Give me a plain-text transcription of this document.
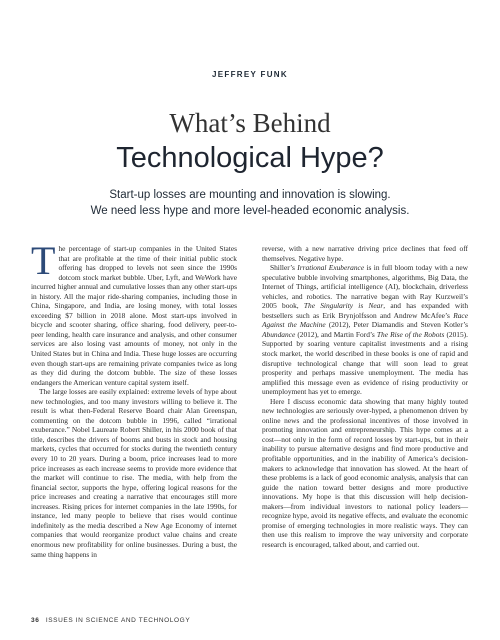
JEFFREY FUNK
What’s Behind
Technological Hype?
Start-up losses are mounting and innovation is slowing.
We need less hype and more level-headed economic analysis.

The percentage of start-up companies in the United States that are profitable at the time of their initial public stock offering has dropped to levels not seen since the 1990s dotcom stock market bubble. Uber, Lyft, and WeWork have incurred higher annual and cumulative losses than any other start-ups in history. All the major ride-sharing companies, including those in China, Singapore, and India, are losing money, with total losses exceeding $7 billion in 2018 alone. Most start-ups involved in bicycle and scooter sharing, office sharing, food delivery, peer-to-peer lending, health care insurance and analysis, and other consumer services are also losing vast amounts of money, not only in the United States but in China and India. These huge losses are occurring even though start-ups are remaining private companies twice as long as they did during the dotcom bubble. The size of these losses endangers the American venture capital system itself.

The large losses are easily explained: extreme levels of hype about new technologies, and too many investors willing to believe it. The result is what then-Federal Reserve Board chair Alan Greenspan, commenting on the dotcom bubble in 1996, called “irrational exuberance.” Nobel Laureate Robert Shiller, in his 2000 book of that title, describes the drivers of booms and busts in stock and housing markets, cycles that occurred for stocks during the twentieth century every 10 to 20 years. During a boom, price increases lead to more price increases as each increase seems to provide more evidence that the market will continue to rise. The media, with help from the financial sector, supports the hype, offering logical reasons for the price increases and creating a narrative that encourages still more increases. Rising prices for internet companies in the late 1990s, for instance, led many people to believe that rises would continue indefinitely as the media described a New Age Economy of internet companies that would reorganize product value chains and create enormous new profitability for online businesses. During a bust, the same thing happens in

reverse, with a new narrative driving price declines that feed off themselves. Negative hype.

Shiller’s Irrational Exuberance is in full bloom today with a new speculative bubble involving smartphones, algorithms, Big Data, the Internet of Things, artificial intelligence (AI), blockchain, driverless vehicles, and robotics. The narrative began with Ray Kurzweil’s 2005 book, The Singularity is Near, and has expanded with bestsellers such as Erik Brynjolfsson and Andrew McAfee’s Race Against the Machine (2012), Peter Diamandis and Steven Kotler’s Abundance (2012), and Martin Ford’s The Rise of the Robots (2015). Supported by soaring venture capitalist investments and a rising stock market, the world described in these books is one of rapid and disruptive technological change that will soon lead to great prosperity and perhaps massive unemployment. The media has amplified this message even as evidence of rising productivity or unemployment has yet to emerge.

Here I discuss economic data showing that many highly touted new technologies are seriously over-hyped, a phenomenon driven by online news and the professional incentives of those involved in promoting innovation and entrepreneurship. This hype comes at a cost—not only in the form of record losses by start-ups, but in their inability to pursue alternative designs and find more productive and profitable opportunities, and in the inability of America’s decision-makers to acknowledge that innovation has slowed. At the heart of these problems is a lack of good economic analysis, analysis that can guide the nation toward better designs and more productive innovations. My hope is that this discussion will help decision-makers—from individual investors to national policy leaders—recognize hype, avoid its negative effects, and evaluate the economic promise of emerging technologies in more realistic ways. They can then use this realism to improve the way university and corporate research is encouraged, talked about, and carried out.

36 ISSUES IN SCIENCE AND TECHNOLOGY
